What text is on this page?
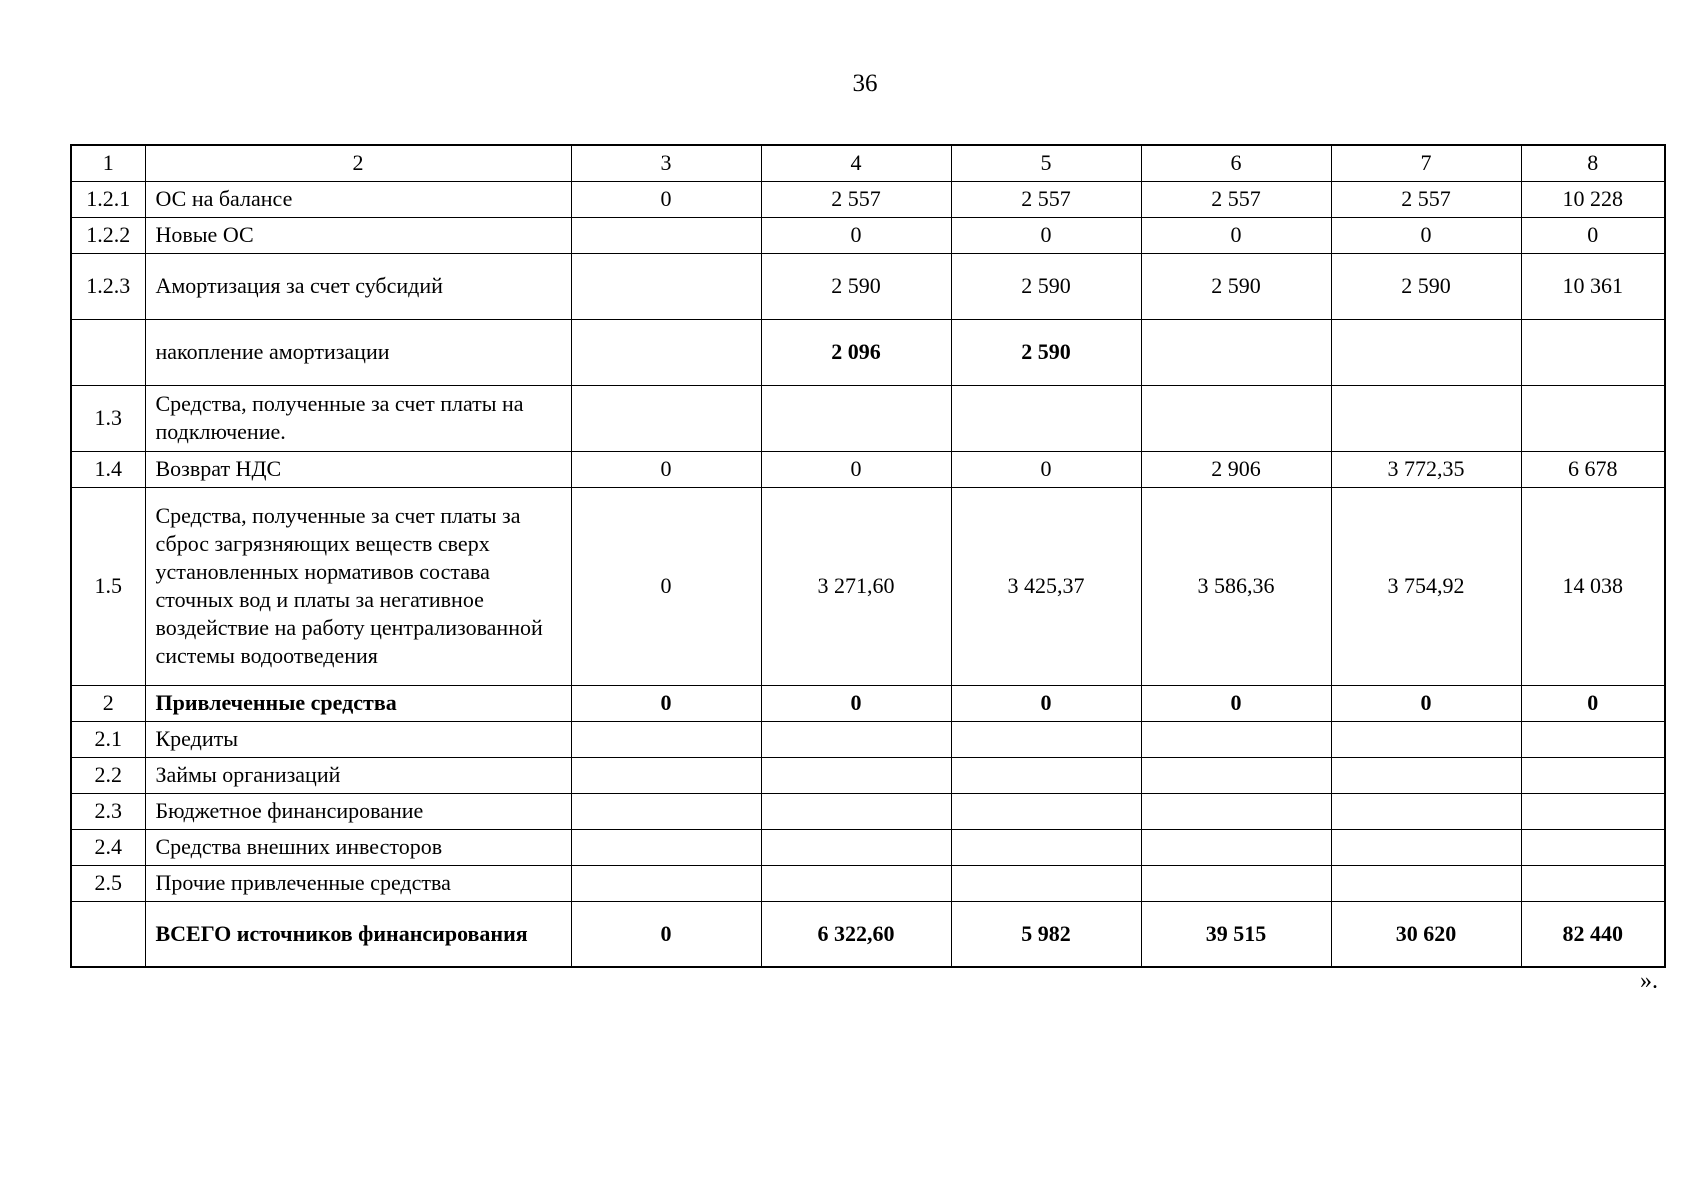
36
1	2	3	4	5	6	7	8
1.2.1	ОС на балансе	0	2 557	2 557	2 557	2 557	10 228
1.2.2	Новые ОС		0	0	0	0	0
1.2.3	Амортизация за счет субсидий		2 590	2 590	2 590	2 590	10 361
	накопление амортизации		2 096	2 590			
1.3	Средства, полученные за счет платы на подключение.						
1.4	Возврат НДС	0	0	0	2 906	3 772,35	6 678
1.5	Средства, полученные за счет платы за сброс загрязняющих веществ сверх установленных нормативов состава сточных вод и платы за негативное воздействие на работу централизованной системы водоотведения	0	3 271,60	3 425,37	3 586,36	3 754,92	14 038
2	Привлеченные средства	0	0	0	0	0	0
2.1	Кредиты						
2.2	Займы организаций						
2.3	Бюджетное финансирование						
2.4	Средства внешних инвесторов						
2.5	Прочие привлеченные средства						
	ВСЕГО источников финансирования	0	6 322,60	5 982	39 515	30 620	82 440
».
